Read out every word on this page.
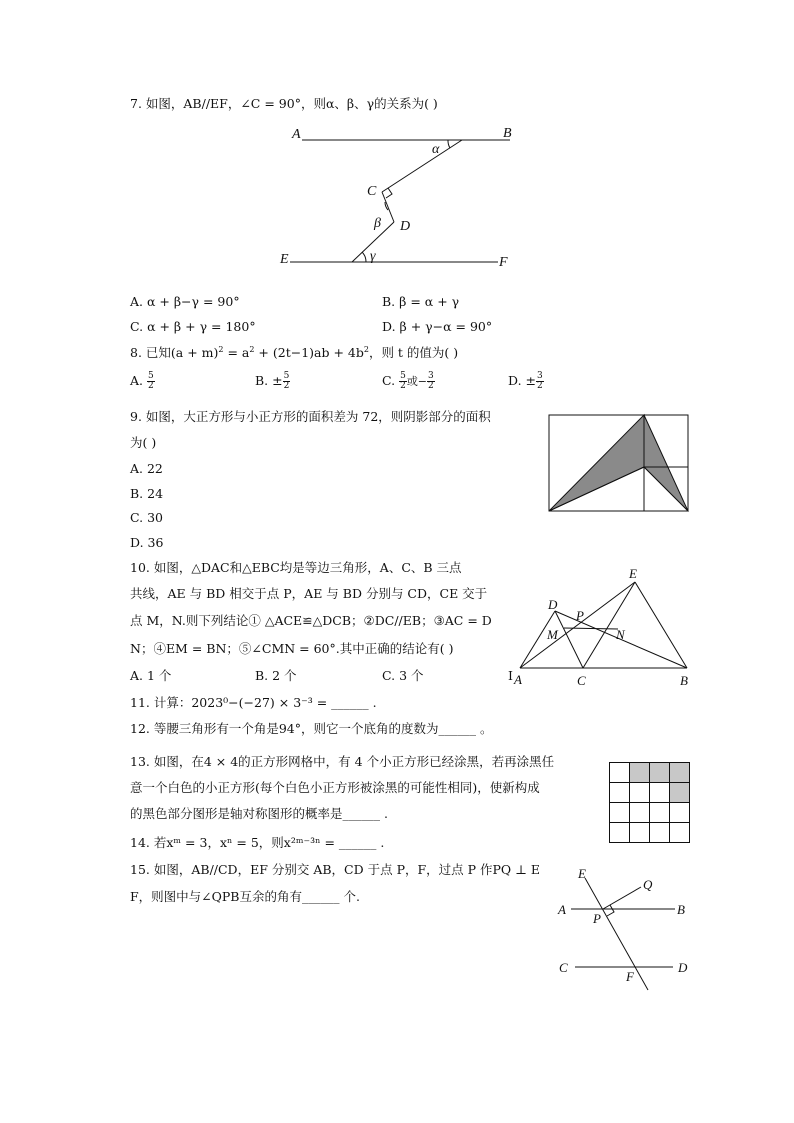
7. 如图，AB//EF，∠C = 90°，则α、β、γ的关系为( )
A	B
α
C
β D
γ
E	F
A. α + β−γ = 90°	B. β = α + γ
C. α + β + γ = 180°	D. β + γ−α = 90°
8. 已知$(a + m)^2 = a^2 + (2t-1)ab + 4b^2$，则 t 的值为( )
A. $\frac{5}{2}$	B. ± $\frac{5}{2}$	C. $\frac{5}{2}$ 或− $\frac{3}{2}$	D. ± $\frac{3}{2}$
9. 如图，大正方形与小正方形的面积差为 72，则阴影部分的面积
为( )
A. 22
B. 24
C. 30
D. 36
10. 如图，△DAC和△EBC均是等边三角形，A、C、B 三点
共线，AE 与 BD 相交于点 P，AE 与 BD 分别与 CD，CE 交于
点 M，N.则下列结论① △ACE≌△DCB；②DC//EB；③AC = D
N；④EM = BN；⑤∠CMN = 60°.其中正确的结论有( )
A. 1 个	B. 2 个	C. 3 个	I
E
D
P
M	N
A	C	B
11. 计算：2023⁰−(−27) × 3⁻³ = ______ .
12. 等腰三角形有一个角是94°，则它一个底角的度数为______ 。
13. 如图，在4 × 4的正方形网格中，有 4 个小正方形已经涂黑，若再涂黑任
意一个白色的小正方形(每个白色小正方形被涂黑的可能性相同)，使新构成
的黑色部分图形是轴对称图形的概率是______ .
14. 若xᵐ = 3，xⁿ = 5，则x²ᵐ⁻³ⁿ = ______ .
15. 如图，AB//CD，EF 分别交 AB，CD 于点 P，F，过点 P 作PQ ⊥ E
F，则图中与∠QPB互余的角有______ 个.
E
Q
A
P
B
C	D
F
